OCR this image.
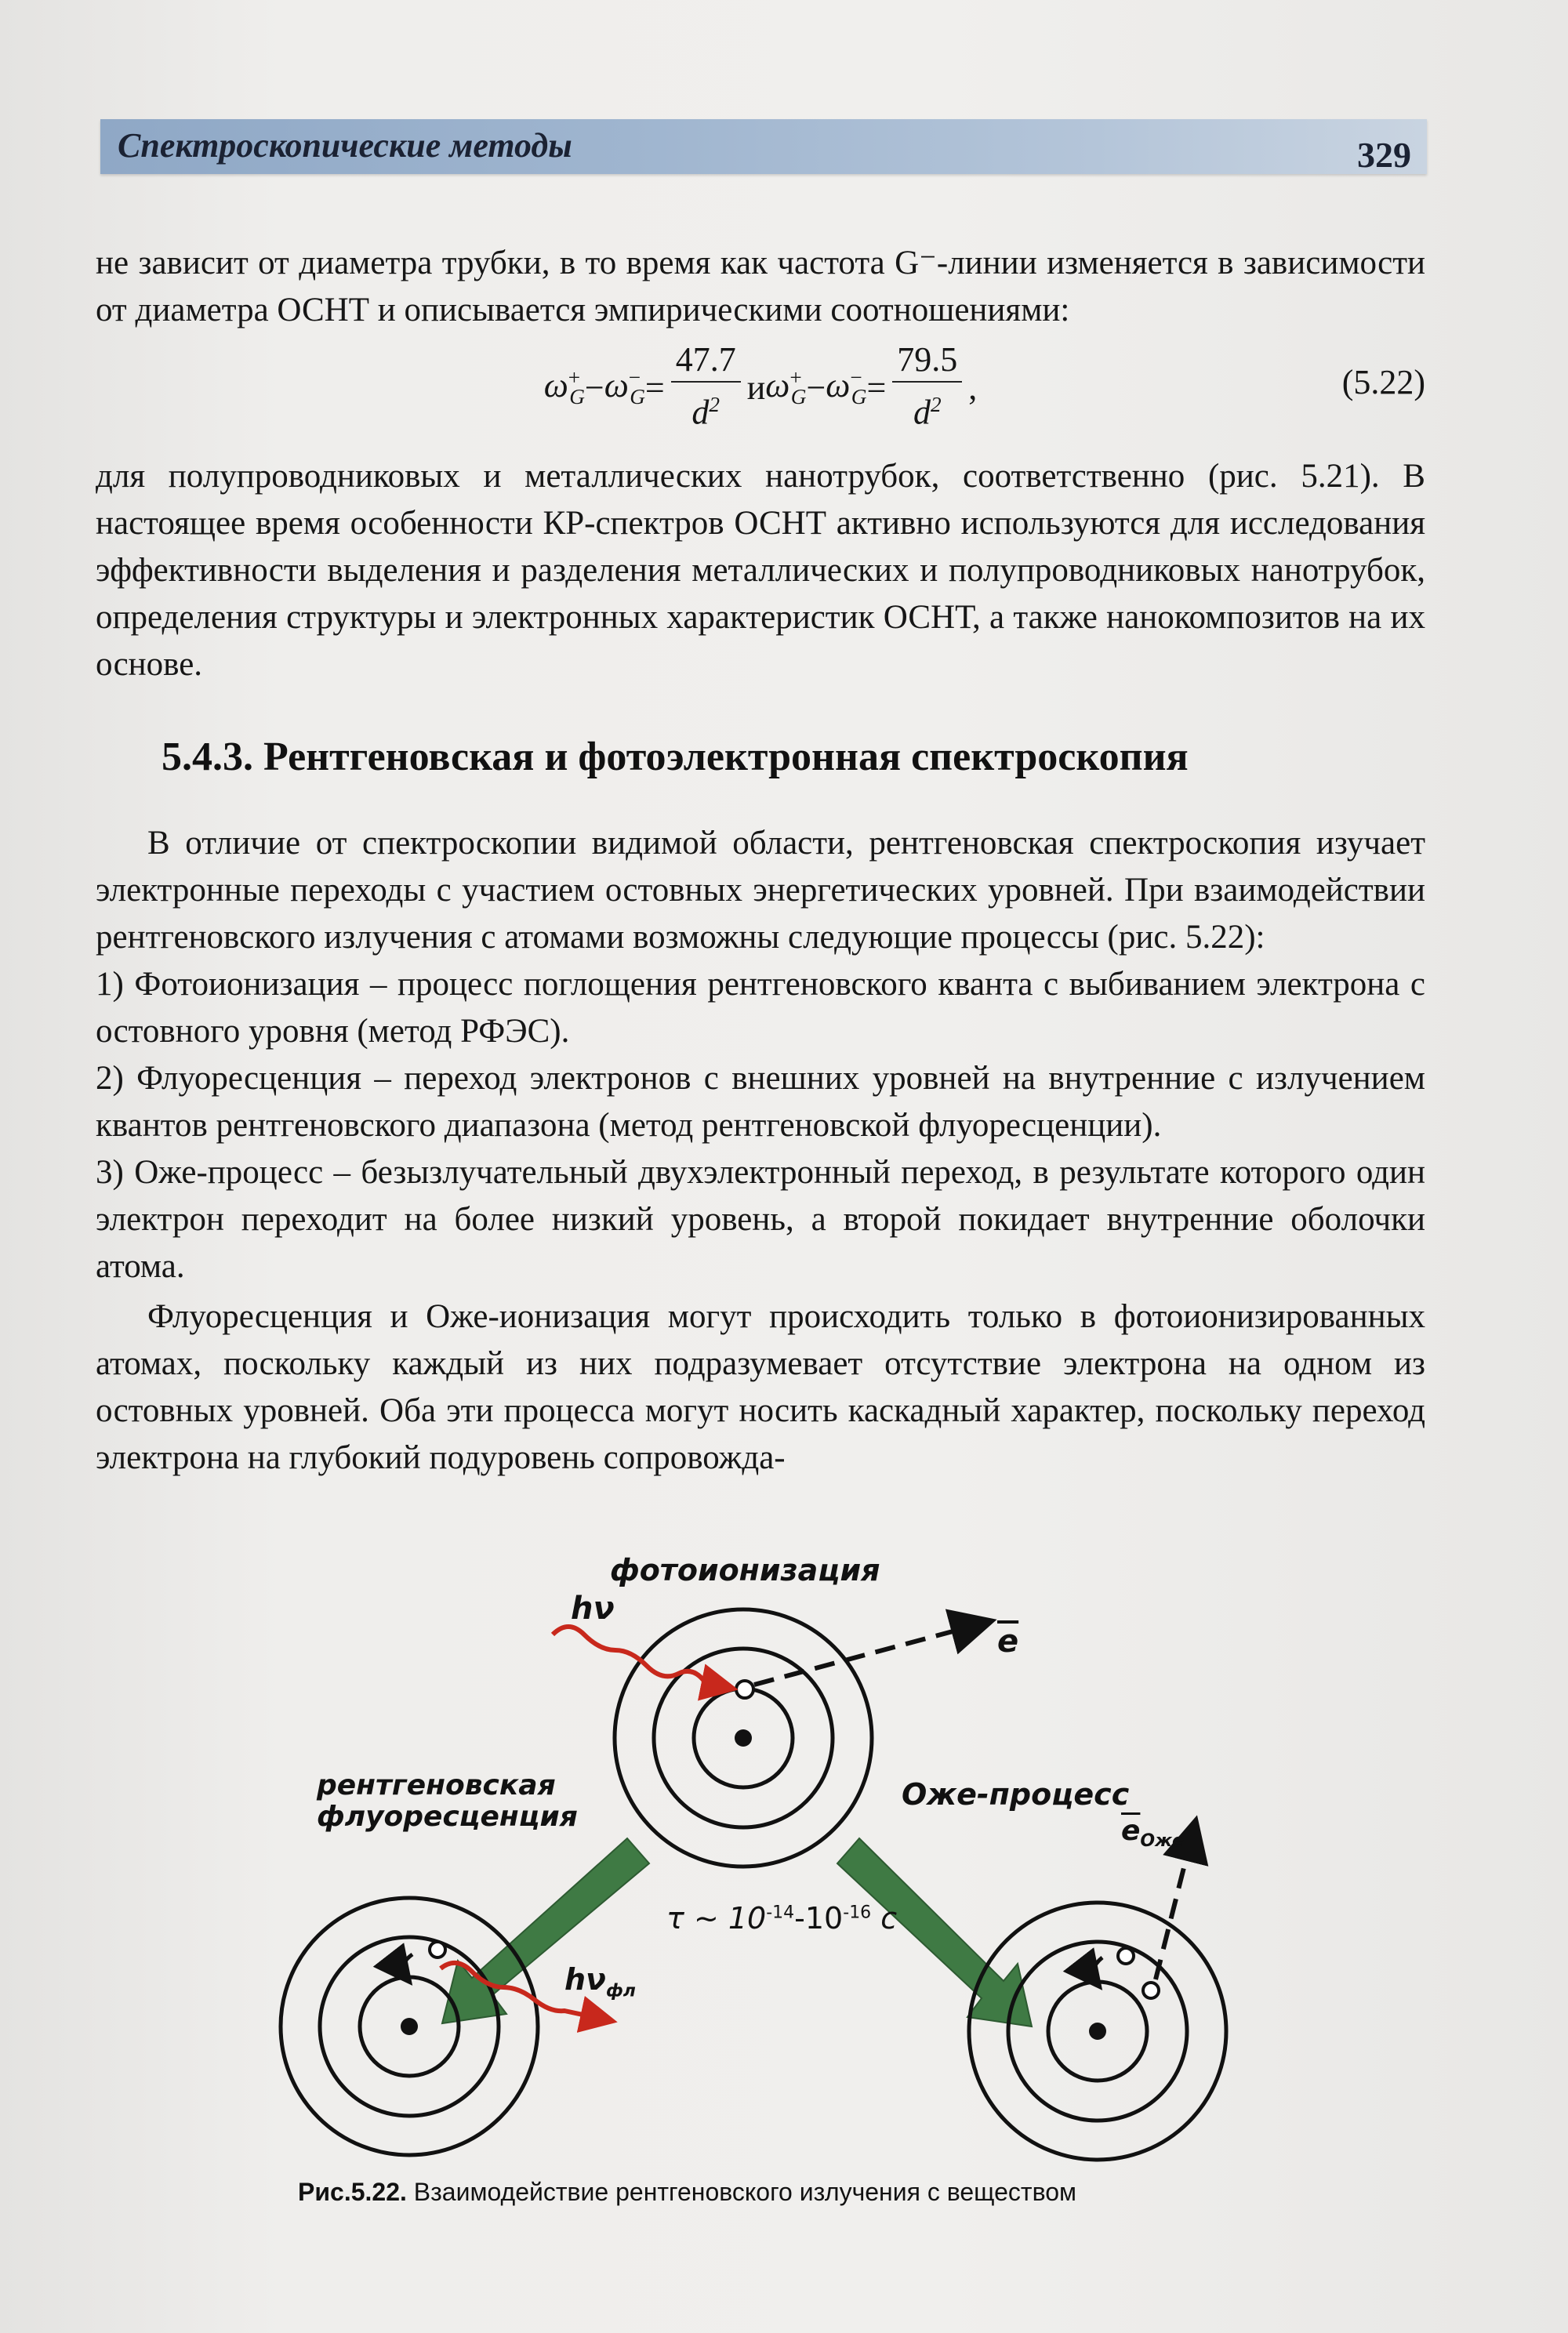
Спектроскопические методы	329

не зависит от диаметра трубки, в то время как частота G⁻-линии изменяется в зависимости от диаметра ОСНТ и описывается эмпирическими соотношениями:

$\omega^+_G - \omega^-_G = \frac{47.7}{d^2}$ и $\omega^+_G - \omega^-_G = \frac{79.5}{d^2}$ ,	(5.22)

для полупроводниковых и металлических нанотрубок, соответственно (рис. 5.21). В настоящее время особенности КР-спектров ОСНТ активно используются для исследования эффективности выделения и разделения металлических и полупроводниковых нанотрубок, определения структуры и электронных характеристик ОСНТ, а также нанокомпозитов на их основе.

5.4.3. Рентгеновская и фотоэлектронная спектроскопия

В отличие от спектроскопии видимой области, рентгеновская спектроскопия изучает электронные переходы с участием остовных энергетических уровней. При взаимодействии рентгеновского излучения с атомами возможны следующие процессы (рис. 5.22):

1) Фотоионизация – процесс поглощения рентгеновского кванта с выбиванием электрона с остовного уровня (метод РФЭС).

2) Флуоресценция – переход электронов с внешних уровней на внутренние с излучением квантов рентгеновского диапазона (метод рентгеновской флуоресценции).

3) Оже-процесс – безызлучательный двухэлектронный переход, в результате которого один электрон переходит на более низкий уровень, а второй покидает внутренние оболочки атома.

Флуоресценция и Оже-ионизация могут происходить только в фотоионизированных атомах, поскольку каждый из них подразумевает отсутствие электрона на одном из остовных уровней. Оба эти процесса могут носить каскадный характер, поскольку переход электрона на глубокий подуровень сопровожда-

фотоионизация
hν
$\overline{e}$
рентгеновская
флуоресценция
Оже-процесс
$\overline{e}_{Оже}$
τ ~ $10^{-14}-10^{-16}$ с
$h\nu_{фл}$
Рис.5.22. Взаимодействие рентгеновского излучения с веществом
